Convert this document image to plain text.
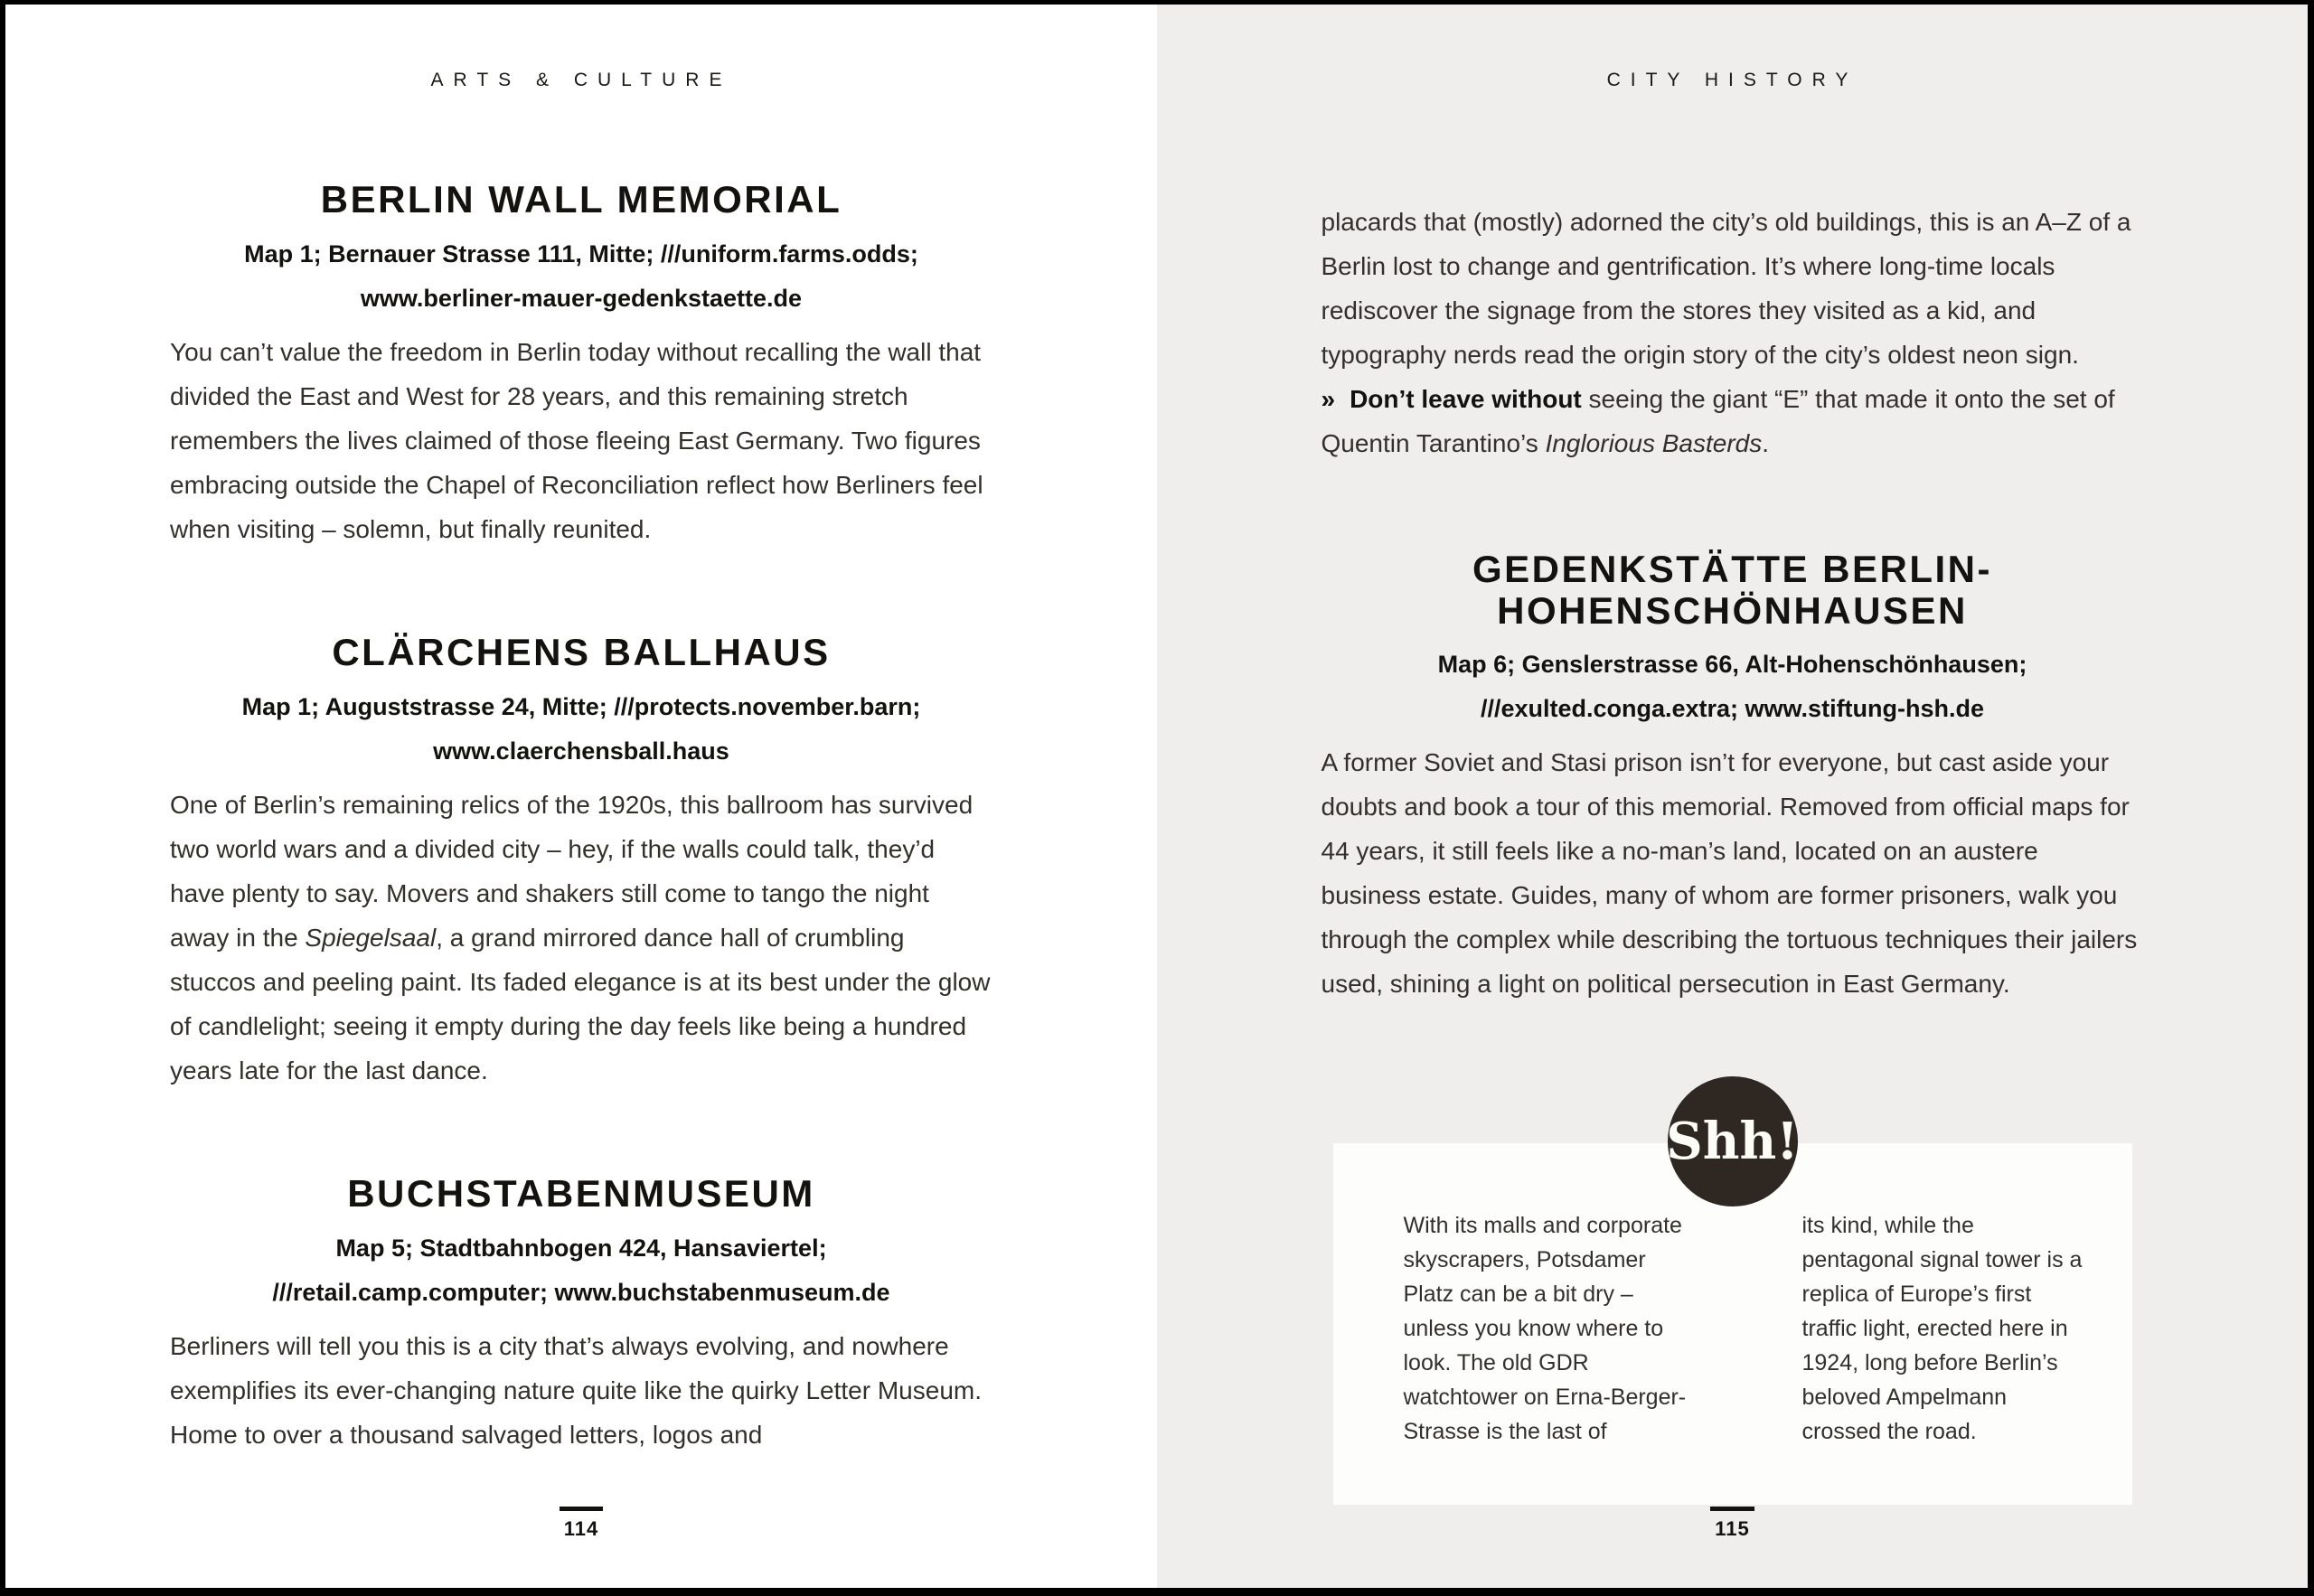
ARTS & CULTURE
BERLIN WALL MEMORIAL
Map 1; Bernauer Strasse 111, Mitte; ///uniform.farms.odds;
www.berliner-mauer-gedenkstaette.de

You can’t value the freedom in Berlin today without recalling the wall that divided the East and West for 28 years, and this remaining stretch remembers the lives claimed of those fleeing East Germany. Two figures embracing outside the Chapel of Reconciliation reflect how Berliners feel when visiting – solemn, but finally reunited.

CLÄRCHENS BALLHAUS
Map 1; Auguststrasse 24, Mitte; ///protects.november.barn;
www.claerchensball.haus

One of Berlin’s remaining relics of the 1920s, this ballroom has survived two world wars and a divided city – hey, if the walls could talk, they’d have plenty to say. Movers and shakers still come to tango the night away in the Spiegelsaal, a grand mirrored dance hall of crumbling stuccos and peeling paint. Its faded elegance is at its best under the glow of candlelight; seeing it empty during the day feels like being a hundred years late for the last dance.

BUCHSTABENMUSEUM
Map 5; Stadtbahnbogen 424, Hansaviertel;
///retail.camp.computer; www.buchstabenmuseum.de

Berliners will tell you this is a city that’s always evolving, and nowhere exemplifies its ever-changing nature quite like the quirky Letter Museum. Home to over a thousand salvaged letters, logos and

114
CITY HISTORY

placards that (mostly) adorned the city’s old buildings, this is an A–Z of a Berlin lost to change and gentrification. It’s where long-time locals rediscover the signage from the stores they visited as a kid, and typography nerds read the origin story of the city’s oldest neon sign.

» Don’t leave without seeing the giant “E” that made it onto the set of Quentin Tarantino’s Inglorious Basterds.

GEDENKSTÄTTE BERLIN-
HOHENSCHÖNHAUSEN
Map 6; Genslerstrasse 66, Alt-Hohenschönhausen;
///exulted.conga.extra; www.stiftung-hsh.de

A former Soviet and Stasi prison isn’t for everyone, but cast aside your doubts and book a tour of this memorial. Removed from official maps for 44 years, it still feels like a no-man’s land, located on an austere business estate. Guides, many of whom are former prisoners, walk you through the complex while describing the tortuous techniques their jailers used, shining a light on political persecution in East Germany.

Shh!
With its malls and corporate skyscrapers, Potsdamer Platz can be a bit dry – unless you know where to look. The old GDR watchtower on Erna-Berger-Strasse is the last of
its kind, while the pentagonal signal tower is a replica of Europe’s first traffic light, erected here in 1924, long before Berlin’s beloved Ampelmann crossed the road.
115
